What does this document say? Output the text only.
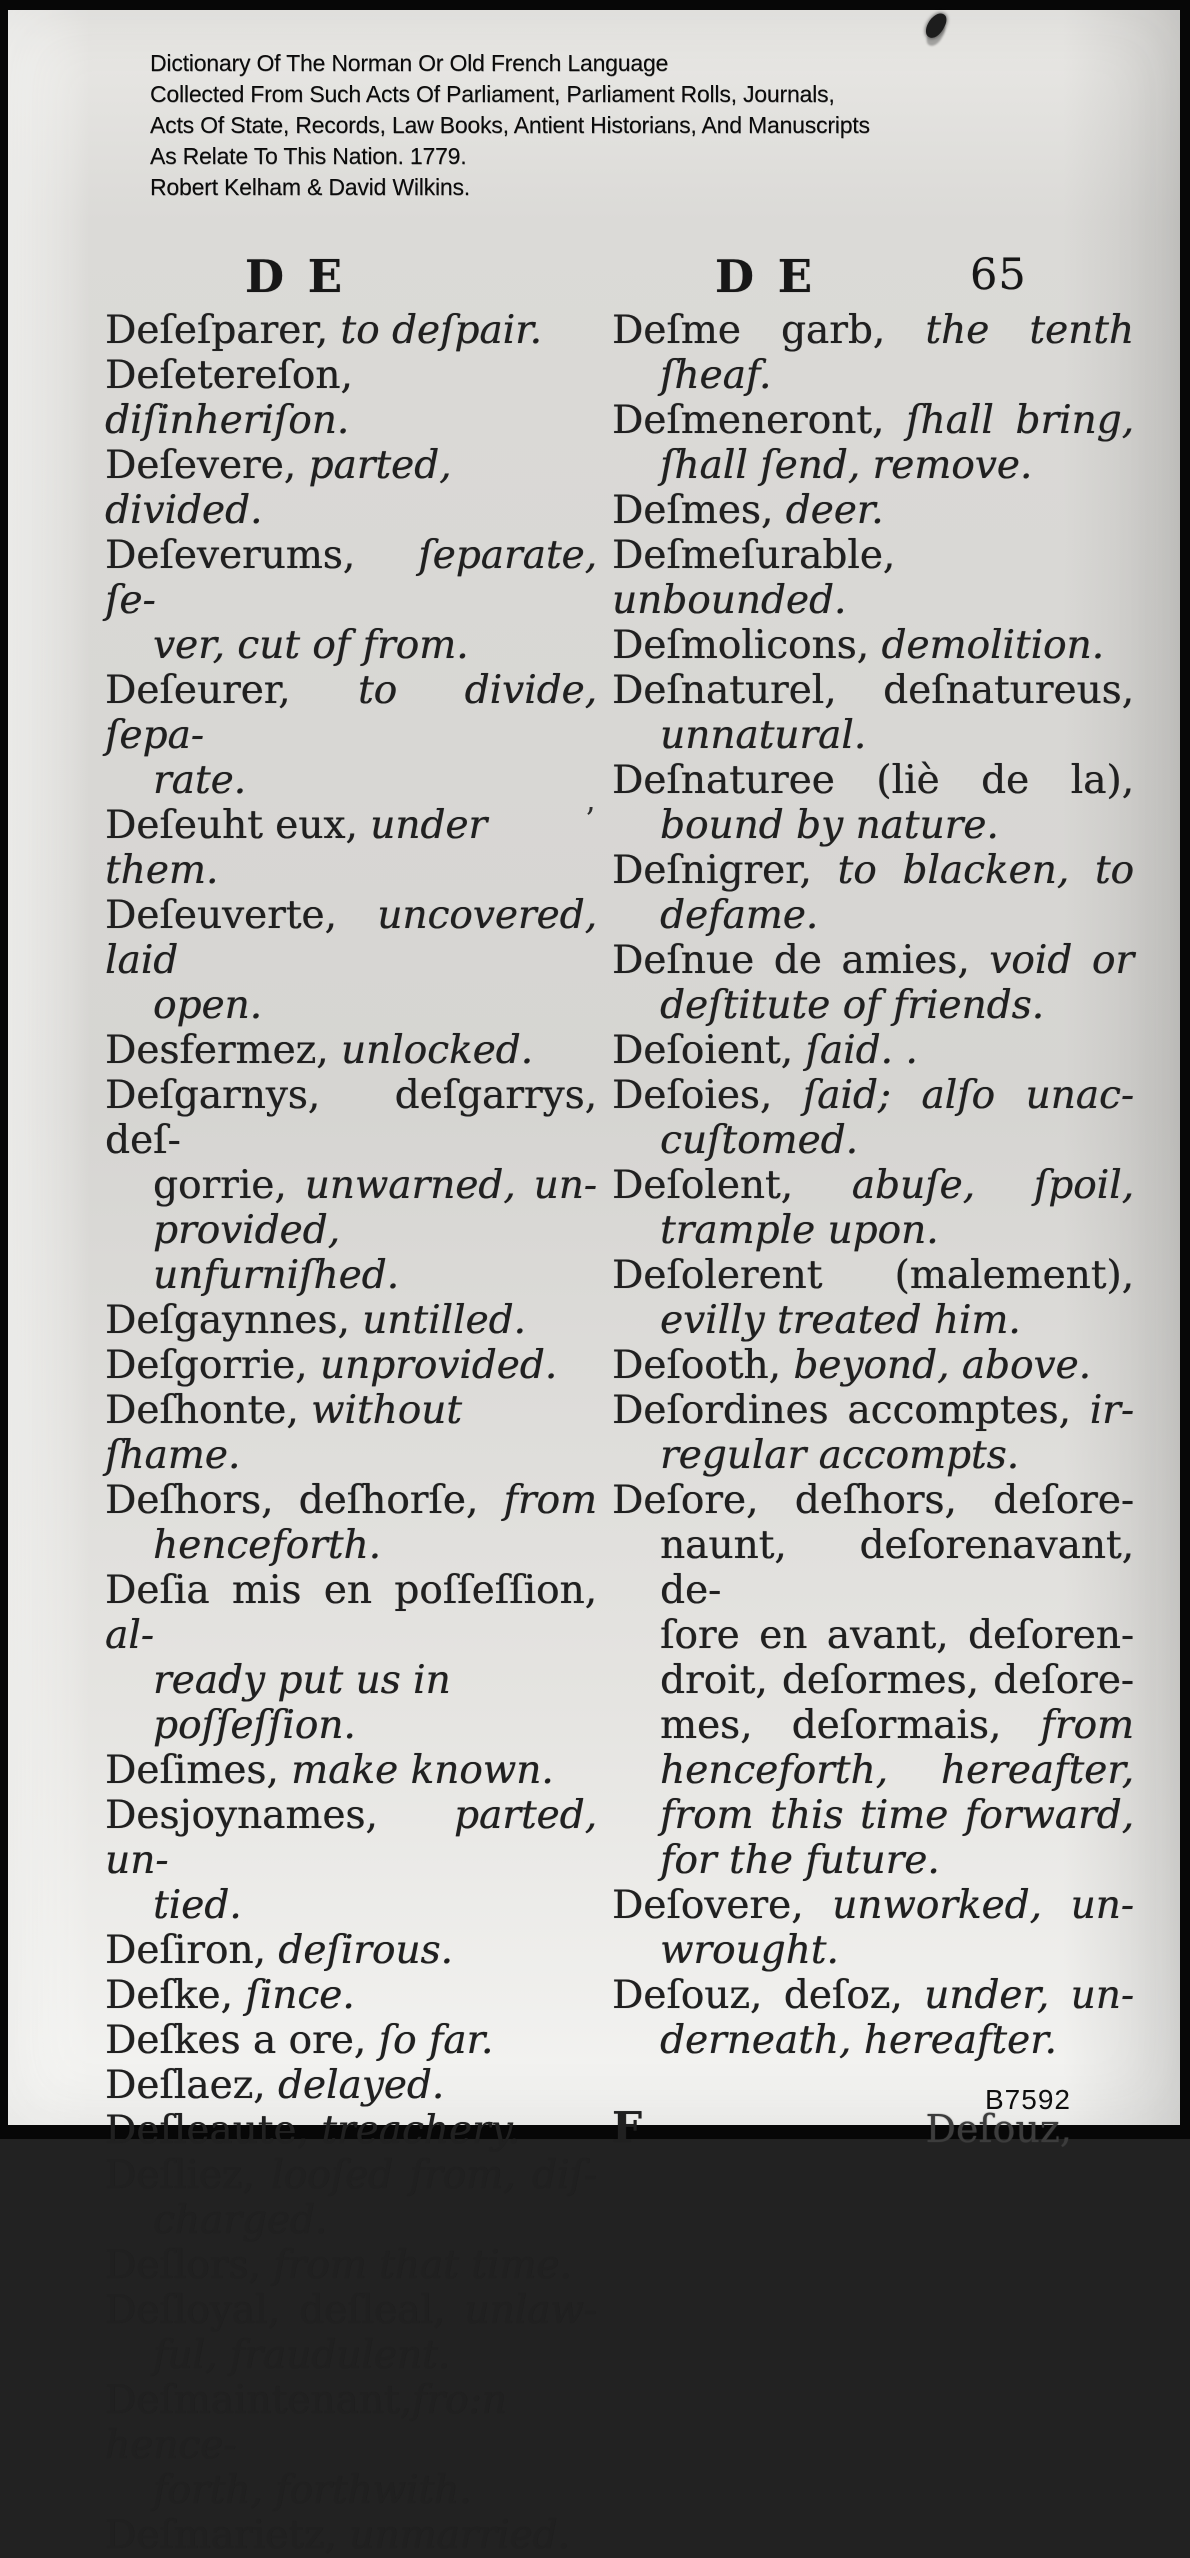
Dictionary Of The Norman Or Old French Language
Collected From Such Acts Of Parliament, Parliament Rolls, Journals,
Acts Of State, Records, Law Books, Antient Historians, And Manuscripts
As Relate To This Nation. 1779.
Robert Kelham & David Wilkins.
D E	D E	65
Deſeſparer, to deſpair.
Deſetereſon, diſinheriſon.
Deſevere, parted, divided.
Deſeverums, ſeparate, ſe-
ver, cut of from.
Deſeurer, to divide, ſepa-
rate.
Deſeuht eux, under them.
Deſeuverte, uncovered, laid
open.
Desfermez, unlocked.
Deſgarnys, deſgarrys, deſ-
gorrie, unwarned, un-
provided, unfurniſhed.
Deſgaynnes, untilled.
Deſgorrie, unprovided.
Deſhonte, without ſhame.
Deſhors, deſhorſe, from
henceforth.
Deſia mis en poſſeſſion, al-
ready put us in poſſeſſion.
Deſimes, make known.
Desjoynames, parted, un-
tied.
Deſiron, deſirous.
Deſke, ſince.
Deſkes a ore, ſo far.
Deſlaez, delayed.
Deſleaute, treachery.
Deſliez, looſed from, diſ-
charged.
Deſlors, from that time.
Deſloyal, deſleal, unlaw-
ful, fraudulent.
Deſmaintenant,fro:n hence-
forth, forthwith.
Deſmarietz, unmarried.
Deſme garb, the tenth
ſheaf.
Deſmeneront, ſhall bring,
ſhall ſend, remove.
Deſmes, deer.
Deſmeſurable, unbounded.
Deſmolicons, demolition.
Deſnaturel, deſnatureus,
unnatural.
Deſnaturee (liè de la),
bound by nature.
Deſnigrer, to blacken, to
defame.
Deſnue de amies, void or
deſtitute of friends.
Deſoient, ſaid. .
Deſoies, ſaid; alſo unac-
cuſtomed.
Deſolent, abuſe, ſpoil,
trample upon.
Deſolerent (malement),
evilly treated him.
Deſooth, beyond, above.
Deſordines accomptes, ir-
regular accompts.
Deſore, deſhors, deſore-
naunt, deſorenavant, de-
ſore en avant, deſoren-
droit, deſormes, deſore-
mes, deſormais, from
henceforth, hereafter,
from this time forward,
for the future.
Deſovere, unworked, un-
wrought.
Deſouz, deſoz, under, un-
derneath, hereafter.
F	Deſouz,
B7592
’
